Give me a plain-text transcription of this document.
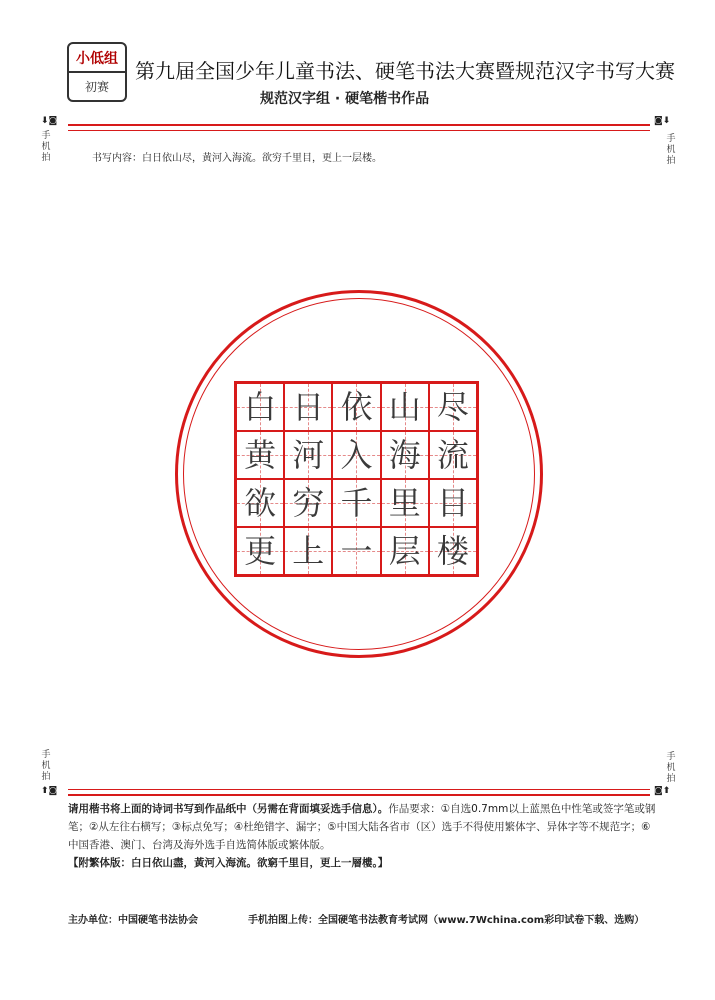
小低组
初赛
第九届全国少年儿童书法、硬笔书法大赛暨规范汉字书写大赛
规范汉字组 · 硬笔楷书作品
⬇◙
手机拍
◙⬇
手机拍
书写内容：白日依山尽，黄河入海流。欲穷千里目，更上一层楼。
白 日 依 山 尽
黄 河 入 海 流
欲 穷 千 里 目
更 上 一 层 楼
手机拍
⬆◙
手机拍
◙⬆
请用楷书将上面的诗词书写到作品纸中（另需在背面填妥选手信息）。作品要求：①自选0.7mm以上蓝黑色中性笔或签字笔或钢笔；②从左往右横写；③标点免写；④杜绝错字、漏字；⑤中国大陆各省市（区）选手不得使用繁体字、异体字等不规范字；⑥中国香港、澳门、台湾及海外选手自选简体版或繁体版。
【附繁体版：白日依山盡，黃河入海流。欲窮千里目，更上一層樓。】
主办单位：中国硬笔书法协会	手机拍图上传：全国硬笔书法教育考试网（www.7Wchina.com彩印试卷下载、选购）
